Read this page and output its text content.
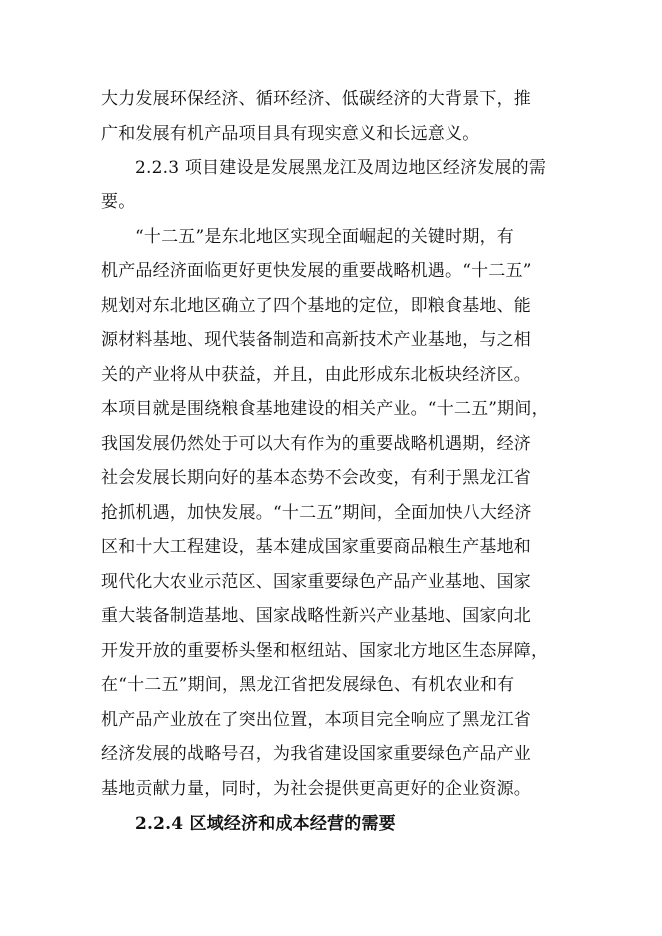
大力发展环保经济、循环经济、低碳经济的大背景下，推
广和发展有机产品项目具有现实意义和长远意义。
2.2.3 项目建设是发展黑龙江及周边地区经济发展的需
要。
“十二五”是东北地区实现全面崛起的关键时期，有
机产品经济面临更好更快发展的重要战略机遇。“十二五”
规划对东北地区确立了四个基地的定位，即粮食基地、能
源材料基地、现代装备制造和高新技术产业基地，与之相
关的产业将从中获益，并且，由此形成东北板块经济区。
本项目就是围绕粮食基地建设的相关产业。“十二五”期间，
我国发展仍然处于可以大有作为的重要战略机遇期，经济
社会发展长期向好的基本态势不会改变，有利于黑龙江省
抢抓机遇，加快发展。“十二五”期间，全面加快八大经济
区和十大工程建设，基本建成国家重要商品粮生产基地和
现代化大农业示范区、国家重要绿色产品产业基地、国家
重大装备制造基地、国家战略性新兴产业基地、国家向北
开发开放的重要桥头堡和枢纽站、国家北方地区生态屏障，
在“十二五”期间，黑龙江省把发展绿色、有机农业和有
机产品产业放在了突出位置，本项目完全响应了黑龙江省
经济发展的战略号召，为我省建设国家重要绿色产品产业
基地贡献力量，同时，为社会提供更高更好的企业资源。
2.2.4 区域经济和成本经营的需要
